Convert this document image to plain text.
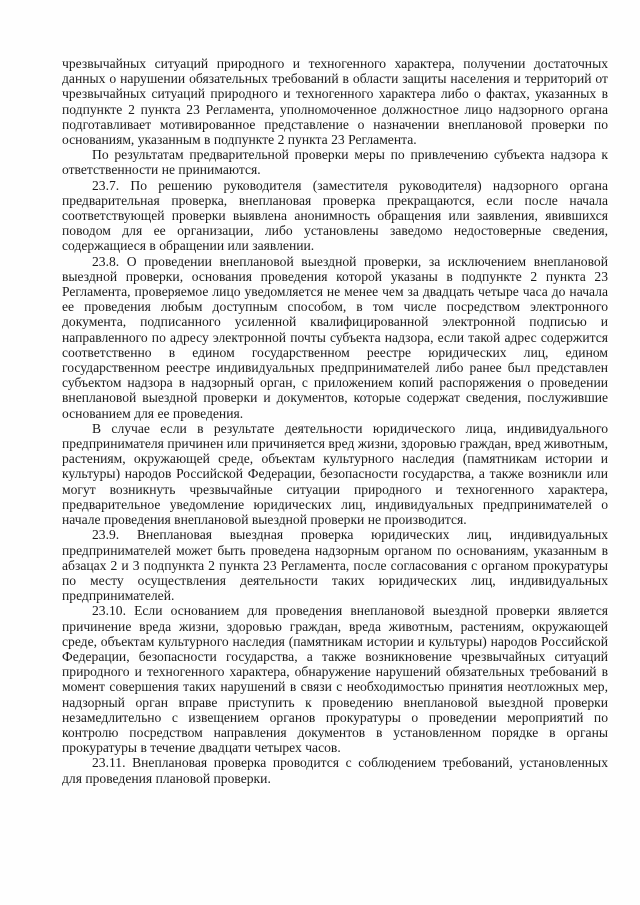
чрезвычайных ситуаций природного и техногенного характера, получении достаточных данных о нарушении обязательных требований в области защиты населения и территорий от чрезвычайных ситуаций природного и техногенного характера либо о фактах, указанных в подпункте 2 пункта 23 Регламента, уполномоченное должностное лицо надзорного органа подготавливает мотивированное представление о назначении внеплановой проверки по основаниям, указанным в подпункте 2 пункта 23 Регламента.

По результатам предварительной проверки меры по привлечению субъекта надзора к ответственности не принимаются.

23.7. По решению руководителя (заместителя руководителя) надзорного органа предварительная проверка, внеплановая проверка прекращаются, если после начала соответствующей проверки выявлена анонимность обращения или заявления, явившихся поводом для ее организации, либо установлены заведомо недостоверные сведения, содержащиеся в обращении или заявлении.

23.8. О проведении внеплановой выездной проверки, за исключением внеплановой выездной проверки, основания проведения которой указаны в подпункте 2 пункта 23 Регламента, проверяемое лицо уведомляется не менее чем за двадцать четыре часа до начала ее проведения любым доступным способом, в том числе посредством электронного документа, подписанного усиленной квалифицированной электронной подписью и направленного по адресу электронной почты субъекта надзора, если такой адрес содержится соответственно в едином государственном реестре юридических лиц, едином государственном реестре индивидуальных предпринимателей либо ранее был представлен субъектом надзора в надзорный орган, с приложением копий распоряжения о проведении внеплановой выездной проверки и документов, которые содержат сведения, послужившие основанием для ее проведения.

В случае если в результате деятельности юридического лица, индивидуального предпринимателя причинен или причиняется вред жизни, здоровью граждан, вред животным, растениям, окружающей среде, объектам культурного наследия (памятникам истории и культуры) народов Российской Федерации, безопасности государства, а также возникли или могут возникнуть чрезвычайные ситуации природного и техногенного характера, предварительное уведомление юридических лиц, индивидуальных предпринимателей о начале проведения внеплановой выездной проверки не производится.

23.9. Внеплановая выездная проверка юридических лиц, индивидуальных предпринимателей может быть проведена надзорным органом по основаниям, указанным в абзацах 2 и 3 подпункта 2 пункта 23 Регламента, после согласования с органом прокуратуры по месту осуществления деятельности таких юридических лиц, индивидуальных предпринимателей.

23.10. Если основанием для проведения внеплановой выездной проверки является причинение вреда жизни, здоровью граждан, вреда животным, растениям, окружающей среде, объектам культурного наследия (памятникам истории и культуры) народов Российской Федерации, безопасности государства, а также возникновение чрезвычайных ситуаций природного и техногенного характера, обнаружение нарушений обязательных требований в момент совершения таких нарушений в связи с необходимостью принятия неотложных мер, надзорный орган вправе приступить к проведению внеплановой выездной проверки незамедлительно с извещением органов прокуратуры о проведении мероприятий по контролю посредством направления документов в установленном порядке в органы прокуратуры в течение двадцати четырех часов.

23.11. Внеплановая проверка проводится с соблюдением требований, установленных для проведения плановой проверки.
